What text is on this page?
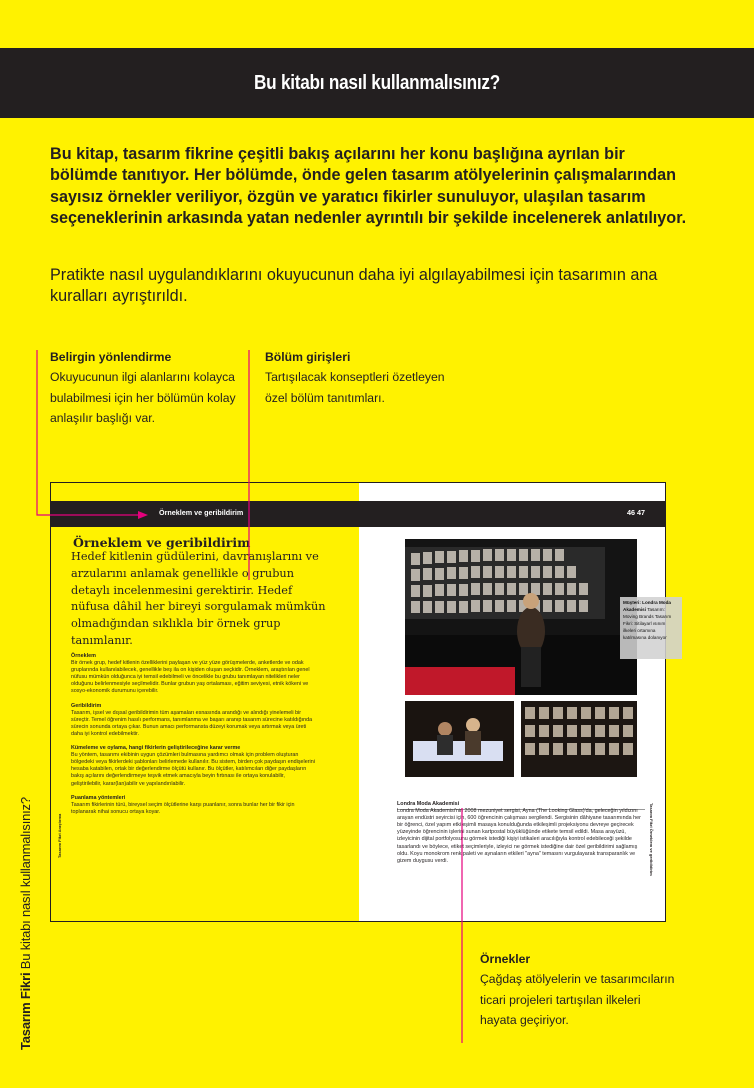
Bu kitabı nasıl kullanmalısınız?

Bu kitap, tasarım fikrine çeşitli bakış açılarını her konu başlığına ayrılan bir bölümde tanıtıyor. Her bölümde, önde gelen tasarım atölyelerinin çalışmalarından sayısız örnekler veriliyor, özgün ve yaratıcı fikirler sunuluyor, ulaşılan tasarım seçeneklerinin arkasında yatan nedenler ayrıntılı bir şekilde incelenerek anlatılıyor.

Pratikte nasıl uygulandıklarını okuyucunun daha iyi algılayabilmesi için tasarımın ana kuralları ayrıştırıldı.

Belirgin yönlendirme
Okuyucunun ilgi alanlarını kolayca bulabilmesi için her bölümün kolay anlaşılır başlığı var.
Bölüm girişleri
Tartışılacak konseptleri özetleyen özel bölüm tanıtımları.
Örneklem ve geribildirim

Hedef kitlenin güdülerini, davranışlarını ve arzularını anlamak genellikle o grubun detaylı incelenmesini gerektirir. Hedef nüfusa dâhil her bireyi sorgulamak mümkün olmadığından sıklıkla bir örnek grup tanımlanır.

Örneklem
Bir örnek grup, hedef kitlenin özelliklerini paylaşan ve yüz yüze görüşmelerde, anketlerde ve odak gruplarında kullanılabilecek, genellikle beş ila on kişiden oluşan seçkidir. Örneklem, araştırılan genel nüfusu mümkün olduğunca iyi temsil edebilmeli ve öncelikle bu grubu tanımlayan nitelikleri neler olduğunu belirlenmesiyle seçilmelidir. Bunlar grubun yaş ortalaması, eğitim seviyesi, etnik kökeni ve sosyo-ekonomik durumunu içerebilir.
Geribildirim
Tasarım, işsel ve dışsal geribildirimin tüm aşamaları esnasında arandığı ve alındığı yinelemeli bir süreçtir. Temel öğrenim hasılı performans, tanımlanma ve başarı aranıp tasarım sürecine katıldığında sürecin sonunda ortaya çıkar. Bunun amacı performansta düzeyi korumak veya artırmak veya üreti daha iyi kontrol edebilmektir.
Kümeleme ve oylama, hangi fikirlerin geliştirileceğine karar verme
Bu yöntem, tasarımı ekibinin uygun çözümleri bulmasına yardımcı olmak için problem oluşturan bölgedeki veya fikirlerdeki şablonları belirlemede kullanılır. Bu sistem, birden çok paydaşın endişelerini hesaba katabilen, ortak bir değerlendirme ölçütü kullanır. Bu ölçütler, katılımcıları diğer paydaşların bakış açılarını değerlendirmeye teşvik etmek amacıyla beyin fırtınası ile ortaya konulabilir, geliştirilebilir, karar(lan)abilir ve yapılandırılabilir.
Puanlama yöntemleri
Tasarım fikirlerinin türü, bireysel seçim ölçütlerine karşı puanlanır, sonra bunlar her bir fikir için toplanarak nihai sonucu ortaya koyar.
Tasarım Fikri Araştırma
Müşteri: Londra Moda Akademisi Tasarım: Moving Brands Tasarım Fikri: Sitilayarl ısınım ilkeleri ortamına katılmasına dolanıyor
Londra Moda Akademisi
Londra Moda Akademisi'nin 2008 mezuniyet sergisi, Ayna (The Looking Glass)'da, geleceğin yıldızını arayan endüstri seyircisi için, 600 öğrencinin çalışması sergilendi. Sergisinin dâhiyane tasarımında her bir öğrenci, özel yapım etkileşimli masaya konulduğunda etkileşimli projeksiyonu devreye geçirecek yüzeyinde öğrencinin işlerini sunan kartpostal büyüklüğünde etikete temsil edildi. Masa arayüzü, izleyicinin dijital portfolyosunu görmek istediği kişiyi istikaleri aracılığıyla kontrol edebileceği şekilde tasarlandı ve böylece, etiket seçimleriyle, izleyici ne görmek istediğine dair özel geribildirimi sağlamış oldu. Koyu monokrom renk paleti ve aynaların etkileri "ayna" temasını vurgulayarak transparanlık ve gizem duygusu verdi.	Tasarım Fikri Örneklem ve geribildirim
Örneklem ve geribildirim	46 47
Örnekler
Çağdaş atölyelerin ve tasarımcıların ticari projeleri tartışılan ilkeleri hayata geçiriyor.
Tasarım Fikri Bu kitabı nasıl kullanmalısınız?
